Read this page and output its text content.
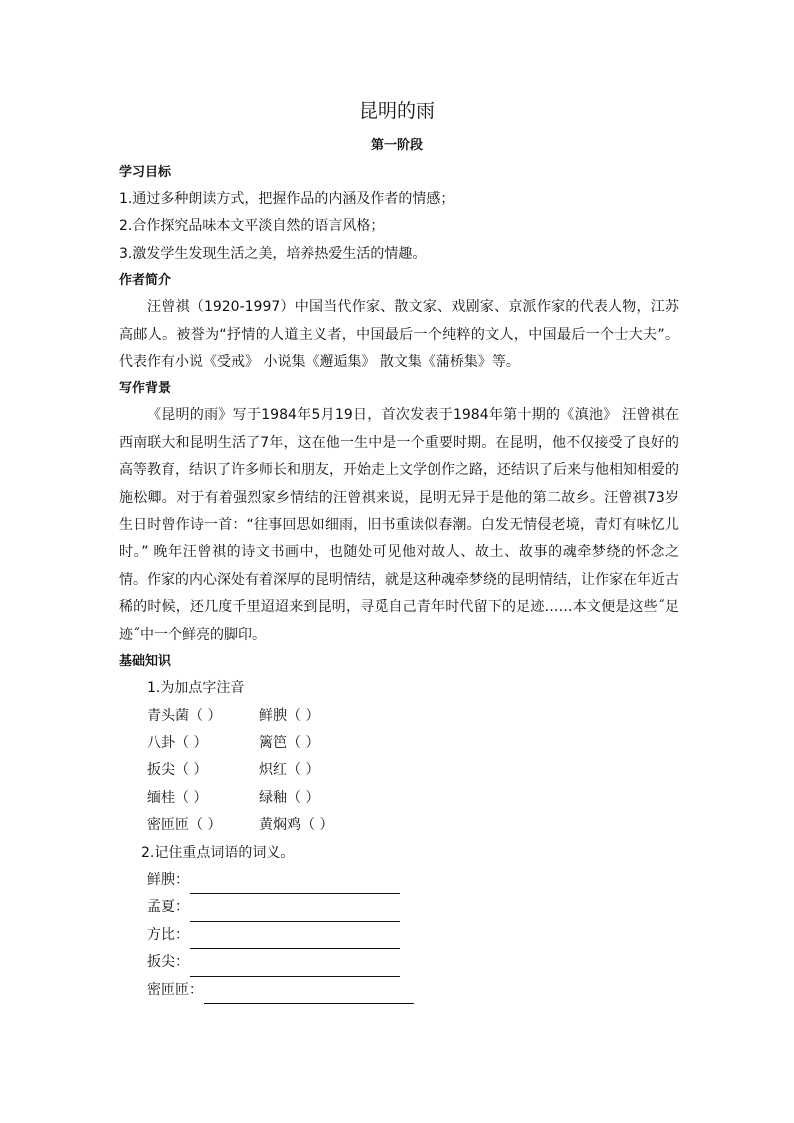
昆明的雨
第一阶段

学习目标

1.通过多种朗读方式，把握作品的内涵及作者的情感；

2.合作探究品味本文平淡自然的语言风格；

3.激发学生发现生活之美，培养热爱生活的情趣。

作者简介

汪曾祺（1920-1997）中国当代作家、散文家、戏剧家、京派作家的代表人物，江苏高邮人。被誉为“抒情的人道主义者，中国最后一个纯粹的文人，中国最后一个士大夫”。代表作有小说《受戒》 小说集《邂逅集》 散文集《蒲桥集》等。

写作背景

《昆明的雨》写于1984年5月19日，首次发表于1984年第十期的《滇池》 汪曾祺在西南联大和昆明生活了7年，这在他一生中是一个重要时期。在昆明，他不仅接受了良好的高等教育，结识了许多师长和朋友，开始走上文学创作之路，还结识了后来与他相知相爱的施松卿。对于有着强烈家乡情结的汪曾祺来说，昆明无异于是他的第二故乡。汪曾祺73岁生日时曾作诗一首：“往事回思如细雨，旧书重读似春潮。白发无情侵老境，青灯有味忆儿时。” 晚年汪曾祺的诗文书画中，也随处可见他对故人、故土、故事的魂牵梦绕的怀念之情。作家的内心深处有着深厚的昆明情结，就是这种魂牵梦绕的昆明情结，让作家在年近古稀的时候，还几度千里迢迢来到昆明，寻觅自己青年时代留下的足迹……本文便是这些˝足迹˝中一个鲜亮的脚印。

基础知识

1.为加点字注音

青头菌（ ）	鲜腴（ ）
八卦（ ）	篱笆（ ）
扳尖（ ）	炽红（ ）
缅桂（ ）	绿釉（ ）
密匝匝（ ）	黄焖鸡（ ）

2.记住重点词语的词义。

鲜腴：
孟夏：
方比：
扳尖：
密匝匝：
